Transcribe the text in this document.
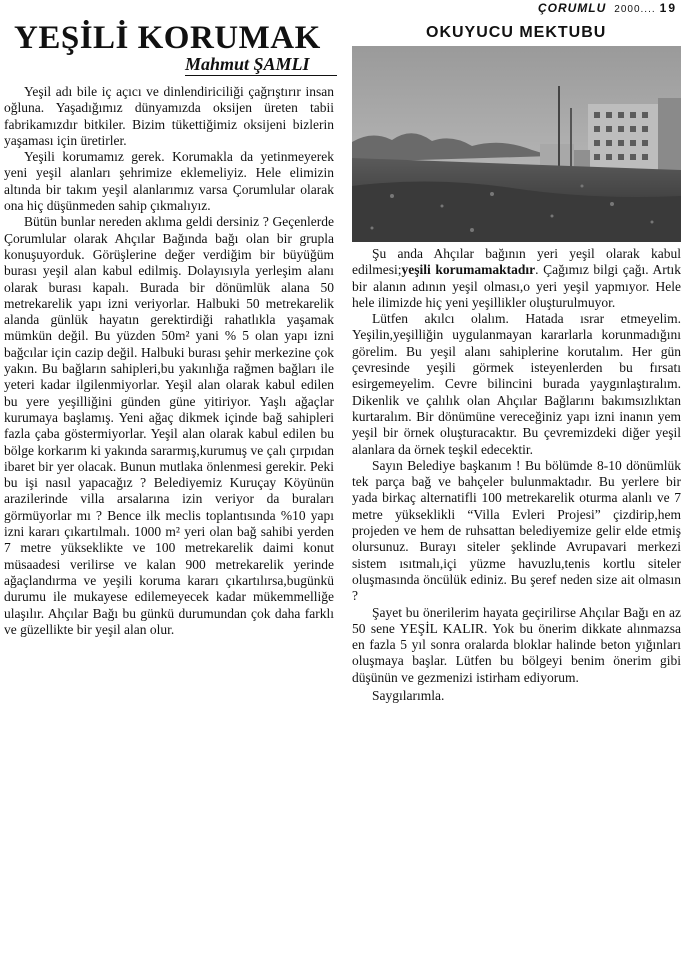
ÇORUMLU 2000.... 19
YEŞİLİ KORUMAK
Mahmut ŞAMLI
OKUYUCU MEKTUBU

Yeşil adı bile iç açıcı ve dinlendiriciliği çağrıştırır insan oğluna. Yaşadığımız dünyamızda oksijen üreten tabii fabrikamızdır bitkiler. Bizim tükettiğimiz oksijeni bizlerin yaşaması için üretirler.

Yeşili korumamız gerek. Korumakla da yetinmeyerek yeni yeşil alanları şehrimize eklemeliyiz. Hele elimizin altında bir takım yeşil alanlarımız varsa Çorumlular olarak ona hiç düşünmeden sahip çıkmalıyız.

Bütün bunlar nereden aklıma geldi dersiniz ? Geçenlerde Çorumlular olarak Ahçılar Bağında bağı olan bir grupla konuşuyorduk. Görüşlerine değer verdiğim bir büyüğüm burası yeşil alan kabul edilmiş. Dolayısıyla yerleşim alanı olarak burası kapalı. Burada bir dönümlük alana 50 metrekarelik yapı izni veriyorlar. Halbuki 50 metrekarelik alanda günlük hayatın gerektirdiği rahatlıkla yaşamak mümkün değil. Bu yüzden 50m² yani % 5 olan yapı izni bağcılar için cazip değil. Halbuki burası şehir merkezine çok yakın. Bu bağların sahipleri,bu yakınlığa rağmen bağları ile yeteri kadar ilgilenmiyorlar. Yeşil alan olarak kabul edilen bu yere yeşilliğini günden güne yitiriyor. Yaşlı ağaçlar kurumaya başlamış. Yeni ağaç dikmek içinde bağ sahipleri fazla çaba göstermiyorlar. Yeşil alan olarak kabul edilen bu bölge korkarım ki yakında sararmış,kurumuş ve çalı çırpıdan ibaret bir yer olacak. Bunun mutlaka önlenmesi gerekir. Peki bu işi nasıl yapacağız ? Belediyemiz Kuruçay Köyünün arazilerinde villa arsalarına izin veriyor da buraları görmüyorlar mı ? Bence ilk meclis toplantısında %10 yapı izni kararı çıkartılmalı. 1000 m² yeri olan bağ sahibi yerden 7 metre yükseklikte ve 100 metrekarelik daimi konut müsaadesi verilirse ve kalan 900 metrekarelik yerinde ağaçlandırma ve yeşili koruma kararı çıkartılırsa,bugünkü durumu ile mukayese edilemeyecek kadar mükemmelliğe ulaşılır. Ahçılar Bağı bu günkü durumundan çok daha farklı ve güzellikte bir yeşil alan olur.

Şu anda Ahçılar bağının yeri yeşil olarak kabul edilmesi;yeşili korumamaktadır. Çağımız bilgi çağı. Artık bir alanın adının yeşil olması,o yeri yeşil yapmıyor. Hele hele ilimizde hiç yeni yeşillikler oluşturulmuyor.

Lütfen akılcı olalım. Hatada ısrar etmeyelim. Yeşilin,yeşilliğin uygulanmayan kararlarla korunmadığını görelim. Bu yeşil alanı sahiplerine korutalım. Her gün çevresinde yeşili görmek isteyenlerden bu fırsatı esirgemeyelim. Cevre bilincini burada yaygınlaştıralım. Dikenlik ve çalılık olan Ahçılar Bağlarını bakımsızlıktan kurtaralım. Bir dönümüne vereceğiniz yapı izni inanın yem yeşil bir örnek oluşturacaktır. Bu çevremizdeki diğer yeşil alanlara da örnek teşkil edecektir.

Sayın Belediye başkanım ! Bu bölümde 8-10 dönümlük tek parça bağ ve bahçeler bulunmaktadır. Bu yerlere bir yada birkaç alternatifli 100 metrekarelik oturma alanlı ve 7 metre yükseklikli “Villa Evleri Projesi” çizdirip,hem projeden ve hem de ruhsattan belediyemize gelir elde etmiş olursunuz. Burayı siteler şeklinde Avrupavari merkezi sistem ısıtmalı,içi yüzme havuzlu,tenis kortlu siteler oluşmasında öncülük ediniz. Bu şeref neden size ait olmasın ?

Şayet bu önerilerim hayata geçirilirse Ahçılar Bağı en az 50 sene YEŞİL KALIR. Yok bu önerim dikkate alınmazsa en fazla 5 yıl sonra oralarda bloklar halinde beton yığınları oluşmaya başlar. Lütfen bu bölgeyi benim önerim gibi düşünün ve gezmenizi istirham ediyorum.

Saygılarımla.
